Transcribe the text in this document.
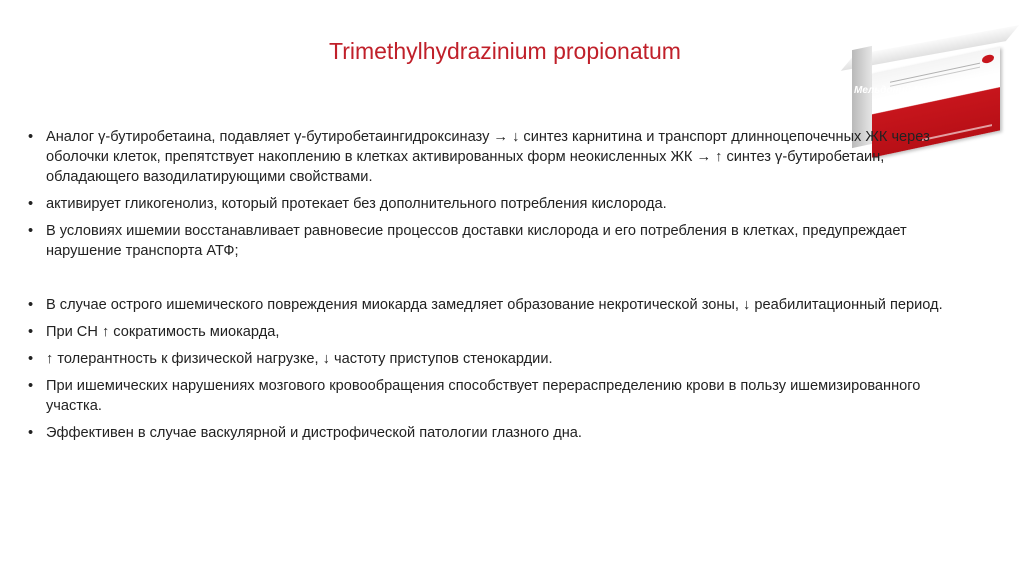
Trimethylhydrazinium propionatum
Мельдоний-МИК
• Аналог γ-бутиробетаина, подавляет γ-бутиробетаингидроксиназу → ↓ синтез карнитина и транспорт длинноцепочечных ЖК через оболочки клеток, препятствует накоплению в клетках активированных форм неокисленных ЖК → ↑ синтез γ-бутиробетаин, обладающего вазодилатирующими свойствами.
• активирует гликогенолиз, который протекает без дополнительного потребления кислорода.
• В условиях ишемии восстанавливает равновесие процессов доставки кислорода и его потребления в клетках, предупреждает нарушение транспорта АТФ;
• В случае острого ишемического повреждения миокарда замедляет образование некротической зоны, ↓ реабилитационный период.
• При СН ↑ сократимость миокарда,
• ↑ толерантность к физической нагрузке, ↓ частоту приступов стенокардии.
• При ишемических нарушениях мозгового кровообращения способствует перераспределению крови в пользу ишемизированного участка.
• Эффективен в случае васкулярной и дистрофической патологии глазного дна.
